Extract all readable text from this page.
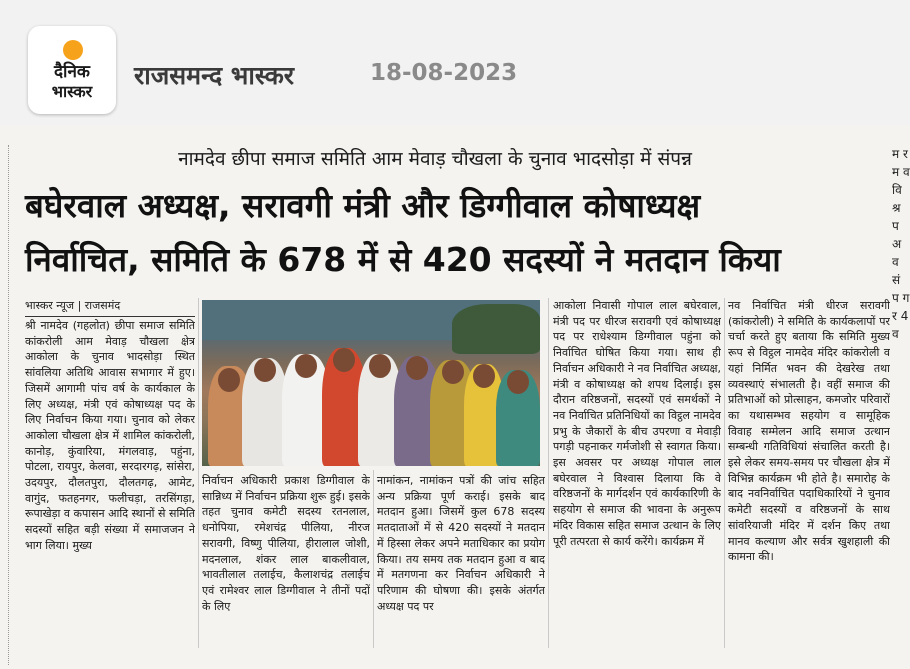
दैनिक
भास्कर
राजसमन्द भास्कर	18-08-2023
नामदेव छीपा समाज समिति आम मेवाड़ चौखला के चुनाव भादसोड़ा में संपन्न
बघेरवाल अध्यक्ष, सरावगी मंत्री और डिग्गीवाल कोषाध्यक्ष
निर्वाचित, समिति के 678 में से 420 सदस्यों ने मतदान किया
म र म व वि श्र प अ व सं प ग र 4 व
भास्कर न्यूज | राजसमंद

श्री नामदेव (गहलोत) छीपा समाज समिति कांकरोली आम मेवाड़ चौखला क्षेत्र आकोला के चुनाव भादसोड़ा स्थित सांवलिया अतिथि आवास सभागार में हुए। जिसमें आगामी पांच वर्ष के कार्यकाल के लिए अध्यक्ष, मंत्री एवं कोषाध्यक्ष पद के लिए निर्वाचन किया गया। चुनाव को लेकर आकोला चौखला क्षेत्र में शामिल कांकरोली, कानोड़, कुंवारिया, मंगलवाड़, पहुंना, पोटला, रायपुर, केलवा, सरदारगढ़, सांसेरा, उदयपुर, दौलतपुरा, दौलतगढ़, आमेट, वागुंद, फतहनगर, फलीचड़ा, तरसिंगड़ा, रूपाखेड़ा व कपासन आदि स्थानों से समिति सदस्यों सहित बड़ी संख्या में समाजजन ने भाग लिया। मुख्य

निर्वाचन अधिकारी प्रकाश डिग्गीवाल के सान्निध्य में निर्वाचन प्रक्रिया शुरू हुई। इसके तहत चुनाव कमेटी सदस्य रतनलाल, धनोपिया, रमेशचंद्र पीलिया, नीरज सरावगी, विष्णु पीलिया, हीरालाल जोशी, मदनलाल, शंकर लाल बाकलीवाल, भावतीलाल तलाईच, कैलाशचंद्र तलाईच एवं रामेश्वर लाल डिग्गीवाल ने तीनों पदों के लिए

नामांकन, नामांकन पत्रों की जांच सहित अन्य प्रक्रिया पूर्ण कराई। इसके बाद मतदान हुआ। जिसमें कुल 678 सदस्य मतदाताओं में से 420 सदस्यों ने मतदान में हिस्सा लेकर अपने मताधिकार का प्रयोग किया। तय समय तक मतदान हुआ व बाद में मतगणना कर निर्वाचन अधिकारी ने परिणाम की घोषणा की। इसके अंतर्गत अध्यक्ष पद पर

आकोला निवासी गोपाल लाल बघेरवाल, मंत्री पद पर धीरज सरावगी एवं कोषाध्यक्ष पद पर राधेश्याम डिग्गीवाल पहुंना को निर्वाचित घोषित किया गया। साथ ही निर्वाचन अधिकारी ने नव निर्वाचित अध्यक्ष, मंत्री व कोषाध्यक्ष को शपथ दिलाई। इस दौरान वरिष्ठजनों, सदस्यों एवं समर्थकों ने नव निर्वाचित प्रतिनिधियों का विट्ठल नामदेव प्रभु के जैकारों के बीच उपरणा व मेवाड़ी पगड़ी पहनाकर गर्मजोशी से स्वागत किया। इस अवसर पर अध्यक्ष गोपाल लाल बघेरवाल ने विश्वास दिलाया कि वे वरिष्ठजनों के मार्गदर्शन एवं कार्यकारिणी के सहयोग से समाज की भावना के अनुरूप मंदिर विकास सहित समाज उत्थान के लिए पूरी तत्परता से कार्य करेंगे। कार्यक्रम में

नव निर्वाचित मंत्री धीरज सरावगी (कांकरोली) ने समिति के कार्यकलापों पर चर्चा करते हुए बताया कि समिति मुख्य रूप से विट्ठल नामदेव मंदिर कांकरोली व यहां निर्मित भवन की देखरेख तथा व्यवस्थाएं संभालती है। वहीं समाज की प्रतिभाओं को प्रोत्साहन, कमजोर परिवारों का यथासम्भव सहयोग व सामूहिक विवाह सम्मेलन आदि समाज उत्थान सम्बन्धी गतिविधियां संचालित करती है। इसे लेकर समय-समय पर चौखला क्षेत्र में विभिन्न कार्यक्रम भी होते है। समारोह के बाद नवनिर्वाचित पदाधिकारियों ने चुनाव कमेटी सदस्यों व वरिष्ठजनों के साथ सांवरियाजी मंदिर में दर्शन किए तथा मानव कल्याण और सर्वत्र खुशहाली की कामना की।
